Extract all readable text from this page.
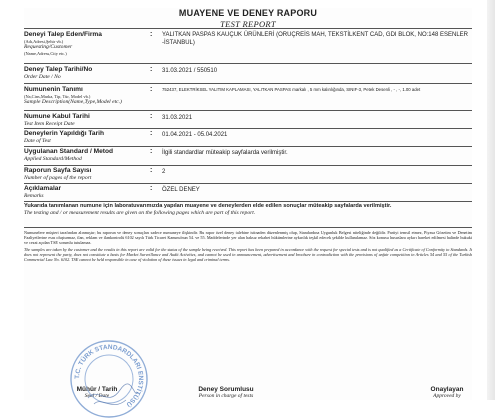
MUAYENE VE DENEY RAPORU
TEST REPORT
Deneyi Talep Eden/Firma
(Adı,Adresi,Şehir vb.)
Requesting/Customer
(Name,Adress,City etc.)
: YALITKAN PASPAS KAUÇUK ÜRÜNLERİ (ORUÇREİS MAH, TEKSTİLKENT CAD, GDI BLOK, NO:148 ESENLER -İSTANBUL)
Deney Talep Tarihi/No
Order Date / No
: 31.03.2021 / 550510
Numunenin Tanımı
(Na,Cins,Marka, Tip, Tür, Model vb.)
Sample Description(Name,Type,Model etc.)
: 752437, ELEKTRİKSEL YALITIM KAPLAMASI, YALITKAN PASPAS markalı , 5 mm kalınlığında, SINIF-3, Petek Desenli , - , -, 1.00 adet
Numune Kabul Tarihi
Test Item Receipt Date
: 31.03.2021
Deneylerin Yapıldığı Tarih
Date of Test
: 01.04.2021 - 05.04.2021
Uygulanan Standard / Metod
Applied Standard/Method
: İlgili standardlar müteakip sayfalarda verilmiştir.
Raporun Sayfa Sayısı
Number of pages of the report
: 2
Açıklamalar
Remarks
: ÖZEL DENEY
Yukarıda tanımlanan numune için laboratuvarımızda yapılan muayene ve deneylerden elde edilen sonuçlar müteakip sayfalarda verilmiştir.
The testing and / or measurement results are given on the following pages which are part of this report.
Numunelere müşteri tarafından alınmıştır; bu raporun ve deney sonuçları sadece numuneye ilişkindir. Bu rapor özel deney talebine istinaden düzenlenmiş olup, Standardına Uygunluk Belgesi niteliğinde değildir. Partiyi temsil etmez, Piyasa Gözetim ve Denetim Faaliyetlerine esas oluşturmaz, ilan, reklam ve ilankontrolü 6102 sayılı Türk Ticaret Kanunu'nun 54. ve 55. Maddelerinde yer alan haksız rekabet hükümlerine aykırılık teşkil edecek şekilde kullanılamaz. Söz konusu hususlara aykırı hareket edilmesi halinde hukuki ve cezai açıdan TSE sorumlu tutulamaz.
The samples are taken by the customer and the results in this report are valid for the status of the sample being received. This report has been prepared in accordance with the request for special tests and is not qualified as a Certificate of Conformity to Standards. It does not represent the party, does not constitute a basis for Market Surveillance and Audit Activities, and cannot be used in announcement, advertisement and brochure in contradiction with the provisions of unfair competition in Articles 54 and 55 of the Turkish Commercial Law No. 6102. TSE cannot be held responsible in case of violation of these issues in legal and criminal terms.
Mühür / Tarih
Seal / Date
Deney Sorumlusu
Person in charge of tests
Onaylayan
Approved by
T.C. TÜRK STANDARDLARI ENSTİTÜSÜ
